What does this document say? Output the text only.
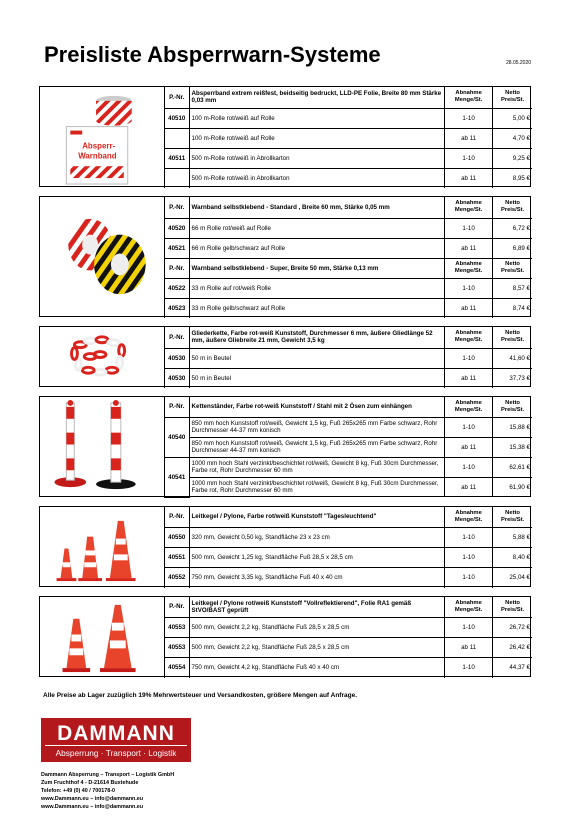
Preisliste Absperrwarn-Systeme	28.05.2020
Absperr-
Warnband
P.-Nr.	Absperrband extrem reißfest, beidseitig bedruckt, LLD-PE Folie, Breite 80 mm Stärke 0,03 mm	Abnahme Menge/St.	Netto Preis/St.
40510	100 m-Rolle rot/weiß auf Rolle	1-10	5,00 €
	100 m-Rolle rot/weiß auf Rolle	ab 11	4,70 €
40511	500 m-Rolle rot/weiß in Abrollkarton	1-10	9,25 €
	500 m-Rolle rot/weiß in Abrollkarton	ab 11	8,95 €
P.-Nr.	Warnband selbstklebend - Standard , Breite 60 mm, Stärke 0,05 mm	Abnahme Menge/St.	Netto Preis/St.
40520	66 m Rolle rot/weiß auf Rolle	1-10	6,72 €
40521	66 m Rolle gelb/schwarz auf Rolle	ab 11	6,89 €
P.-Nr.	Warnband selbstklebend - Super, Breite 50 mm, Stärke 0,13 mm	Abnahme Menge/St.	Netto Preis/St.
40522	33 m Rolle auf rot/weiß Rolle	1-10	8,57 €
40523	33 m Rolle gelb/schwarz auf Rolle	ab 11	8,74 €
P.-Nr.	Gliederkette, Farbe rot-weiß Kunststoff, Durchmesser 6 mm, äußere Gliedlänge 52 mm, äußere Gliebreite 21 mm, Gewicht 3,5 kg	Abnahme Menge/St.	Netto Preis/St.
40530	50 m in Beutel	1-10	41,60 €
40530	50 m in Beutel	ab 11	37,73 €
P.-Nr.	Kettenständer, Farbe rot-weiß Kunststoff / Stahl mit 2 Ösen zum einhängen	Abnahme Menge/St.	Netto Preis/St.
40540	850 mm hoch Kunststoff rot/weiß, Gewicht 1,5 kg, Fuß 265x265 mm Farbe schwarz, Rohr Durchmesser 44-37 mm konisch	1-10	15,88 €
	850 mm hoch Kunststoff rot/weiß, Gewicht 1,5 kg, Fuß 265x265 mm Farbe schwarz, Rohr Durchmesser 44-37 mm konisch	ab 11	15,38 €
40541	1000 mm hoch Stahl verzinkt/beschichtet rot/weiß, Gewicht 8 kg, Fuß 30cm Durchmesser, Farbe rot, Rohr Durchmesser 60 mm	1-10	62,61 €
	1000 mm hoch Stahl verzinkt/beschichtet rot/weiß, Gewicht 8 kg, Fuß 30cm Durchmesser, Farbe rot, Rohr Durchmesser 60 mm	ab 11	61,90 €
P.-Nr.	Leitkegel / Pylone, Farbe rot/weiß Kunststoff "Tagesleuchtend"	Abnahme Menge/St.	Netto Preis/St.
40550	320 mm, Gewicht 0,50 kg, Standfläche 23 x 23 cm	1-10	5,88 €
40551	500 mm, Gewicht 1,25 kg, Standfläche Fuß 28,5 x 28,5 cm	1-10	8,40 €
40552	750 mm, Gewicht 3,35 kg, Standfläche Fuß 40 x 40 cm	1-10	25,04 €
P.-Nr.	Leitkegel / Pylone rot/weiß Kunststoff "Vollreflektierend", Folie RA1 gemäß StVO/BAST geprüft	Abnahme Menge/St.	Netto Preis/St.
40553	500 mm, Gewicht 2,2 kg, Standfläche Fuß 28,5 x 28,5 cm	1-10	26,72 €
40553	500 mm, Gewicht 2,2 kg, Standfläche Fuß 28,5 x 28,5 cm	ab 11	26,42 €
40554	750 mm, Gewicht 4,2 kg, Standfläche Fuß 40 x 40 cm	1-10	44,37 €
Alle Preise ab Lager zuzüglich 19% Mehrwertsteuer und Versandkosten, größere Mengen auf Anfrage.
DAMMANN
Absperrung · Transport · Logistik
Dammann Absperrung – Transport – Logistik GmbH
Zum Fruchthof 4 - D-21614 Buxtehude
Telefon: +49 (0) 40 / 700178-0
www.Dammann.eu – info@dammann.eu
www.Dammann.eu – info@dammann.eu
